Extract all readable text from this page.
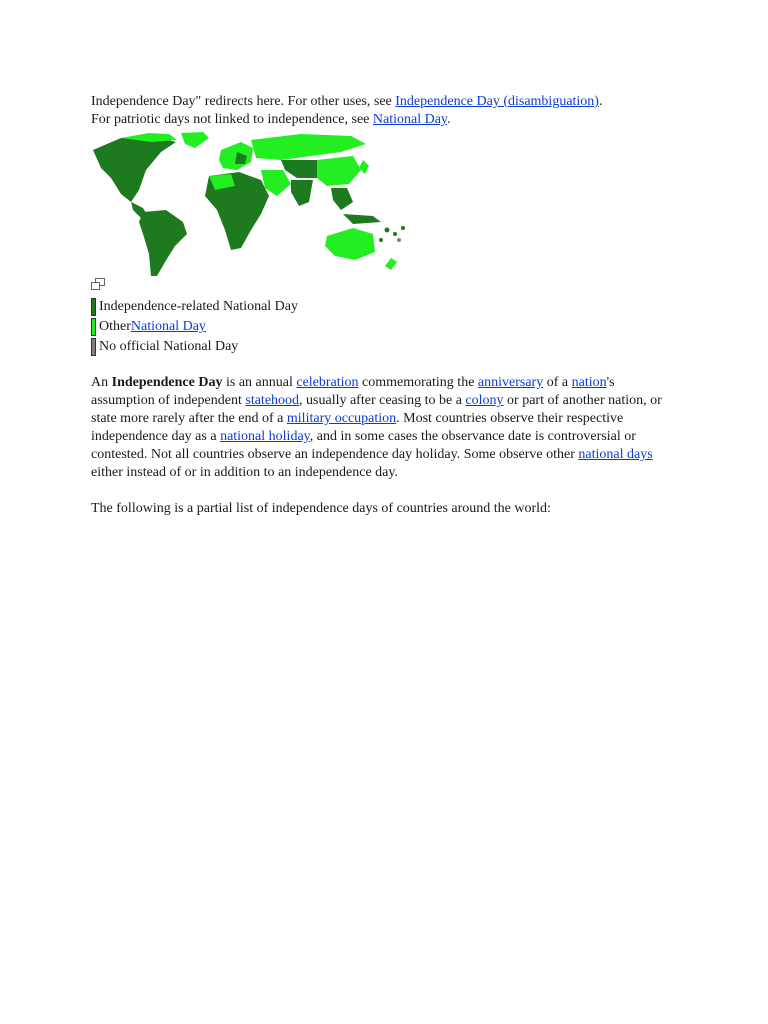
Independence Day" redirects here. For other uses, see Independence Day (disambiguation).

For patriotic days not linked to independence, see National Day.

Independence-related National Day
Other National Day
No official National Day

An Independence Day is an annual celebration commemorating the anniversary of a nation's assumption of independent statehood, usually after ceasing to be a colony or part of another nation, or state more rarely after the end of a military occupation. Most countries observe their respective independence day as a national holiday, and in some cases the observance date is controversial or contested. Not all countries observe an independence day holiday. Some observe other national days either instead of or in addition to an independence day.

The following is a partial list of independence days of countries around the world:
